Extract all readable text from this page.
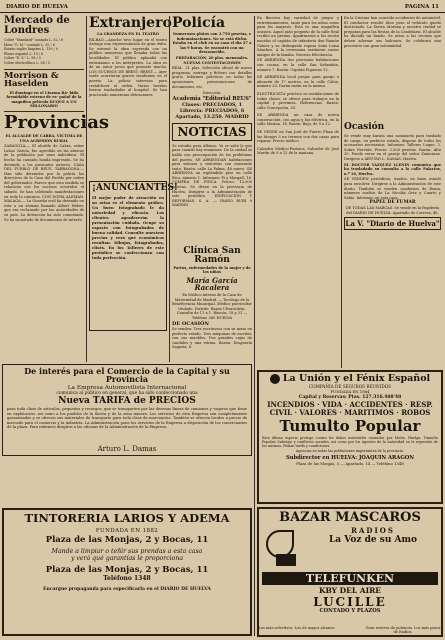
DIARIO DE HUELVA	PAGINA 11
Mercado de Londres
Cobre "Standard" contado L. 52 / 6
Ídem "G. M." contado L. 55 / 6
Estaño inglés lingotes L. 139 / 0
Plomo español L. 19 / 6
Cobre "E. S." L. 58 / 0
Cobre electrolítico L. 58 / 5
Morrison & Haselden

El domingo en el Cinema Rá- bido formidable estreno de es- pañol de la magnífica película DUQUE A UN MILLONARIO

Provincias

EL ALCALDE DE CABRA, VÍCTIMA DE UNA AGRESIÓN RURAL

ZARAGOZA.— El alcalde de Cabra, señor Lahoz García, fue agredido en las afueras de la población por unos individuos. El hecho ha causado honda impresión. Se ha detenido a los presuntos autores. CASA DEL PUEBLO DE REUS. TARRAGONA.— Han sido detenidos por la policía los directivos de la Casa del Pueblo por orden del gobernador. Parece que esta medida se relaciona con los sucesos ocurridos el sábado. Se han celebrado manifestaciones en toda la comarca. CON DOPIA ALEMAN. MALAGA.— La Guardia civil ha detenido en esta a un alemán llamado Albert Weber, que era reclamado por las autoridades de su país. La detención ha sido comentada. Se ha incautado de documentos de interés.

Extranjero

LA GRANDEZA EN EL TEATRO

BILBAO.—Anoche tuvo lugar en el teatro Arriaga una representación de gran éxito. Se estrenó la obra esperada con un público numeroso que llenaba todas las localidades. El público aplaudió con entusiasmo a los intérpretes. La obra es de un autor joven que promete mucho. LOS SUCESOS DE BREST. BREST.— Ayer tarde ocurrieron graves incidentes en el puerto. La policía intervino para restablecer el orden. Varios heridos fueron trasladados al hospital. Se han practicado numerosas detenciones.

¡ANUNCIANTES!

El mejor poder de atracción en su aviso es el elemento gráfico. Un buen fotograbado le da notoriedad y eficacia. Los clientes agradecerán la presentación cuidada. Ocupe su espacio con fotograbados de buena calidad. Consulte nuestros precios y verá qué económicos resultan. Dibujos, fotograbados, clisés. En los Talleres de este periódico se confeccionan con toda perfección.

Policía

Numerosos platos con 3.750 pesetas, e indemnizaciones. No se está dicho. Estaba en el club en su casa el día 27 a las 9 horas. Se encontró con un desconocido.

PREPARACIÓN. 20 plas. mensuales. NUEVAS CONTESTACIONES

REAL. 21 plas. Selección oficial de nuevo programa, entrega y fichero con detalles gratis. Informes prácticos en todas las oposiciones, presentaciones de documentos, etc.

Dirección:
Academia "Editorial REUS"
Clases: PRECIADOS, 1
Librería: PRECIADOS, 6
Apartado, 13.250. MADRID
NOTICIAS

Se estudia para Alfonso. Ya se sabe lo que pasa cuando hay reuniones. De la ciudad se habla con preocupación de los problemas del puerto. SE ARRIENDAN habitaciones para señoras y señoritas con esmerado trato. Razón: calle La Palma, 48 nuevo. SE ARRIENDA un espléndido piso en calle Rico, número 1. Informes: Pi y Margall, 16. COMPRA DE FINCA. Precio: 12.000 pesetas. Se desea en la provincia de Huelva. Dirigirse a la Administración de este periódico. EDIFICACIÓN Y REFORMAS. S. A. — PASEO RUBI 9 MADRID.

Clínica San Ramón

Partos, enfermedades de la mujer y de los niños

María García Racalera

Ex Médico interno de la Casa de Maternidad de Madrid. — Tocólogo de la Beneficencia Municipal. Médico puericultor titulado. Distrito: Rayos Ultravioleta. Consulta de 11 a 1. Rascón, 18 y 21 — Teléfono 360 HUELVA

DE OCASIÓN

Se venden: Tres escritorios con su mesa en perfecto estado. Tres máquinas de escribir, con sus muebles. Dos grandes cajas de caudales y una vitrina. Razón: Droguería Sagasta, 6.

En Becerra hay variedad de juegos y entretenimientos, tanto para los niños como para los mayores. Esta es una magnífica ocasión. Aquel niño pequeño de la calle Real recibió un premio. Apadrinaron a los recién nacidos el capitán de infantería don Ramón Gómez y su distinguida esposa doña Luisa Sánchez. A la ceremonia asistieron varios amigos de la familia. Nuestra felicitación.

SE ARRIENDA dos preciosas habitaciones con cocina, en la calle San Sebastián, número 7. Razón: Capitán Figueras 12.

SE ARRIENDA local propio para garaje o almacén de 17 metros, en la calle Colon, número 25. Darán razón en la misma.

ELECTRICISTA práctico en instalaciones de todas clases, se ofrece para trabajos en la capital y provincia. Referencias. Razón: calle Concepción, 20.

SE ARRIENDA un casa de nueva construcción, con agua y luz eléctrica, en la calle Marina, 14. Razón: Bajo, de 9 a 12.

SE VENDE en San José de Puerto Plaza de las Monjas 5 un terreno con dos casas para reparar. Precio módico.

Calzados Médico-Postizos. Salvador de José Martín de 9 a 12 de la mañana.

En la Cristina han ocurrido accidentes de automóvil. El conductor resultó ileso pero el vehículo quedó destrozado. La Sierra Morena y nuestra ciudad se preparan para las fiestas de la Candelaria. El alcalde ha dictado un bando. Se avisa a los vecinos que deben adornar sus balcones. Se celebrará una procesión con gran solemnidad.

Ocasión

Se vende muy barata una camioneta para traslado de carga, en perfecto estado, dispone de todos los accesorios necesarios. Informes: Talleres Luque, 2. Sobre Nervión. Precio: 2.500 pesetas. Razón: Alta 20. Puede verse en el garaje del señor Zamorano. Dirigirse a ARTURO L. DAMAS. Huelva.

EL DOCTOR VAZQUEZ LLENIN comunica que ha trasladado su consulta a la calle Palacios, n.º 16, Huelva.

SE VENDEN periódicos, usados, en buen estado para envolver. Dirigirse a la Administración de este diario. También se venden cuadernos de Roma, números sueltos de La Nicolás Orta y Cuarto y Sabio. Informes: en esta casa.

PAPEL DE FUMAR

DE TODAS LAS MARCAS. Se vende en la Papelería del DIARIO DE HUELVA. Apartado de Correos, 46.

La V. "Diario de Huelva"
De interés para el Comercio de la Capital y su Provincia
La Empresa Automovilista Internacional
comunica al público en general, que ha sido confeccionado una
Nueva TARIFA de PRECIOS
para toda clase de artículos, pequeños y recargos, que se transporten por las diversas líneas de camiones y viajeros que tiene en explotación, así como a los pueblos de la Sierra y de la zona minera. Los servicios de esta Empresa son completamente garantizados y se ofrecen sus materiales de transporte para toda clase de mercancías. También se ofrecen locales a precio de mercado para el comercio y la industria. La Administración pone los servicios de la Empresa a disposición de los comerciantes de la plaza. Para informes dirigirse a las oficinas de la Administración de la Empresa.
Arturo L. Damas
TINTORERIA LARIOS Y ADEMA
FUNDADA EN 1882
Plaza de las Monjas, 2 y Bocas, 11
Mande a limpiar o teñir sus prendas a esta casa
y verá qué garantías le proporciona
Plaza de las Monjas, 2 y Bocas, 11
Teléfono 1348
Encargue propaganda para especificarla en el DIARIO DE HUELVA
La Unión y el Fénix Español
COMPAÑÍA DE SEGUROS REUNIDOS
FUNDADA EN 1864
Capital y Reservas: Ptas. 127.316.488'48
INCENDIOS · VIDA · ACCIDENTES · RESP. CIVIL · VALORES · MARITIMOS · ROBOS
Tumulto Popular
Esta última especie protege contra los daños materiales causados por Motín, Huelga, Tumulto Popular, Sabotaje y conflictos sociales, así como por los Agentes de la Autoridad en la represión de los mismos. Pídase tarifa y condiciones.
Agencias en todas las poblaciones importantes de la provincia.
Subdirector en HUELVA: JOAQUIN ARAGON
Plaza de las Monjas, 5 — Apartado, 14 — Teléfono 1348
BAZAR MASCAROS
RADIOS
La Voz de su Amo
TELEFUNKEN
KBY DEL AIRE
LUCILLE
CONTADO Y PLAZOS
Los más selectivos. Los de mayor alcance.	Gran reserva de potencia. Los más puros de Radios.
